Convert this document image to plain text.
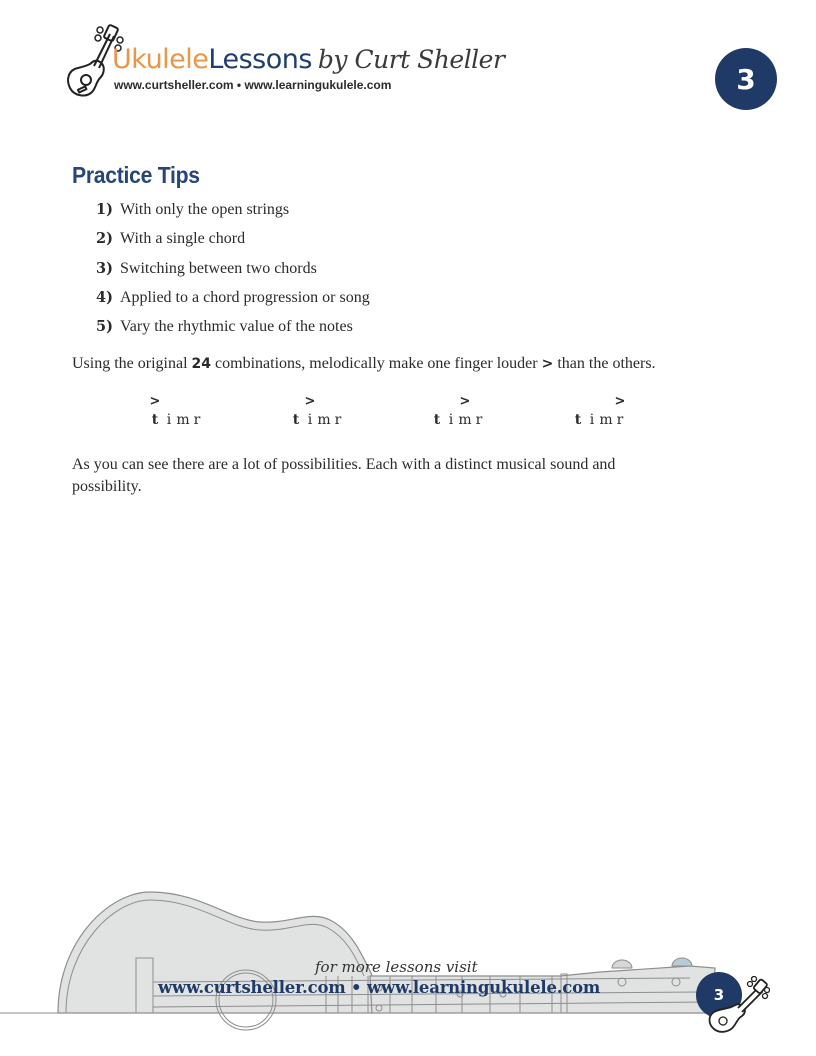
UkuleleLessons by Curt Sheller
www.curtsheller.com • www.learningukulele.com	3
Practice Tips
1) With only the open strings
2) With a single chord
3) Switching between two chords
4) Applied to a chord progression or song
5) Vary the rhythmic value of the notes

Using the original 24 combinations, melodically make one finger louder > than the others.

>
t i m r
>
t i m r
>
t i m r
>
t i m r

As you can see there are a lot of possibilities. Each with a distinct musical sound and possibility.

for more lessons visit
www.curtsheller.com • www.learningukulele.com	3
